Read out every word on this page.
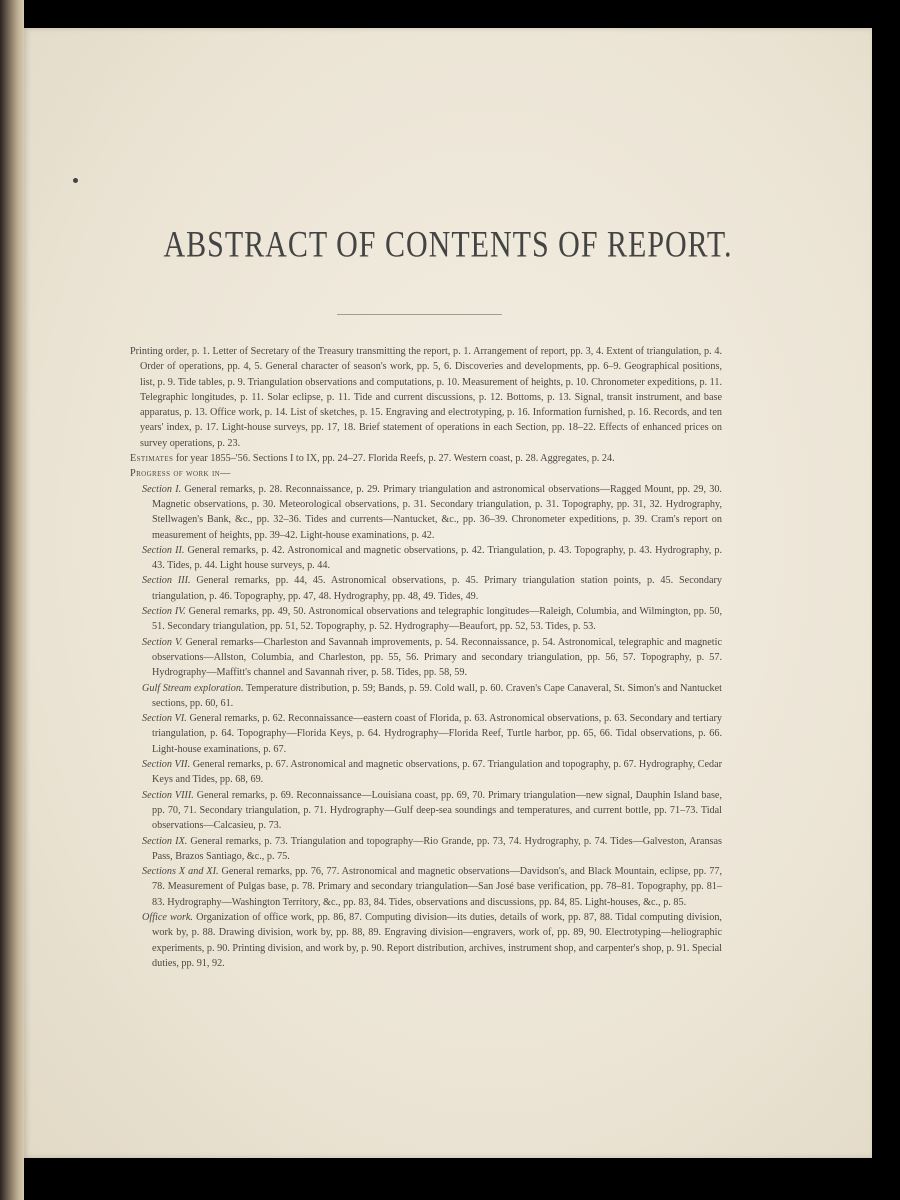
ABSTRACT OF CONTENTS OF REPORT.

Printing order, p. 1. Letter of Secretary of the Treasury transmitting the report, p. 1. Arrangement of report, pp. 3, 4. Extent of triangulation, p. 4. Order of operations, pp. 4, 5. General character of season's work, pp. 5, 6. Discoveries and developments, pp. 6–9. Geographical positions, list, p. 9. Tide tables, p. 9. Triangulation observations and computations, p. 10. Measurement of heights, p. 10. Chronometer expeditions, p. 11. Telegraphic longitudes, p. 11. Solar eclipse, p. 11. Tide and current discussions, p. 12. Bottoms, p. 13. Signal, transit instrument, and base apparatus, p. 13. Office work, p. 14. List of sketches, p. 15. Engraving and electrotyping, p. 16. Information furnished, p. 16. Records, and ten years' index, p. 17. Light-house surveys, pp. 17, 18. Brief statement of operations in each Section, pp. 18–22. Effects of enhanced prices on survey operations, p. 23.

Estimates for year 1855–'56. Sections I to IX, pp. 24–27. Florida Reefs, p. 27. Western coast, p. 28. Aggregates, p. 24.

Progress of work in—

Section I. General remarks, p. 28. Reconnaissance, p. 29. Primary triangulation and astronomical observations—Ragged Mount, pp. 29, 30. Magnetic observations, p. 30. Meteorological observations, p. 31. Secondary triangulation, p. 31. Topography, pp. 31, 32. Hydrography, Stellwagen's Bank, &c., pp. 32–36. Tides and currents—Nantucket, &c., pp. 36–39. Chronometer expeditions, p. 39. Cram's report on measurement of heights, pp. 39–42. Light-house examinations, p. 42.

Section II. General remarks, p. 42. Astronomical and magnetic observations, p. 42. Triangulation, p. 43. Topography, p. 43. Hydrography, p. 43. Tides, p. 44. Light house surveys, p. 44.

Section III. General remarks, pp. 44, 45. Astronomical observations, p. 45. Primary triangulation station points, p. 45. Secondary triangulation, p. 46. Topography, pp. 47, 48. Hydrography, pp. 48, 49. Tides, 49.

Section IV. General remarks, pp. 49, 50. Astronomical observations and telegraphic longitudes—Raleigh, Columbia, and Wilmington, pp. 50, 51. Secondary triangulation, pp. 51, 52. Topography, p. 52. Hydrography—Beaufort, pp. 52, 53. Tides, p. 53.

Section V. General remarks—Charleston and Savannah improvements, p. 54. Reconnaissance, p. 54. Astronomical, telegraphic and magnetic observations—Allston, Columbia, and Charleston, pp. 55, 56. Primary and secondary triangulation, pp. 56, 57. Topography, p. 57. Hydrography—Maffitt's channel and Savannah river, p. 58. Tides, pp. 58, 59.

Gulf Stream exploration. Temperature distribution, p. 59; Bands, p. 59. Cold wall, p. 60. Craven's Cape Canaveral, St. Simon's and Nantucket sections, pp. 60, 61.

Section VI. General remarks, p. 62. Reconnaissance—eastern coast of Florida, p. 63. Astronomical observations, p. 63. Secondary and tertiary triangulation, p. 64. Topography—Florida Keys, p. 64. Hydrography—Florida Reef, Turtle harbor, pp. 65, 66. Tidal observations, p. 66. Light-house examinations, p. 67.

Section VII. General remarks, p. 67. Astronomical and magnetic observations, p. 67. Triangulation and topography, p. 67. Hydrography, Cedar Keys and Tides, pp. 68, 69.

Section VIII. General remarks, p. 69. Reconnaissance—Louisiana coast, pp. 69, 70. Primary triangulation—new signal, Dauphin Island base, pp. 70, 71. Secondary triangulation, p. 71. Hydrography—Gulf deep-sea soundings and temperatures, and current bottle, pp. 71–73. Tidal observations—Calcasieu, p. 73.

Section IX. General remarks, p. 73. Triangulation and topography—Rio Grande, pp. 73, 74. Hydrography, p. 74. Tides—Galveston, Aransas Pass, Brazos Santiago, &c., p. 75.

Sections X and XI. General remarks, pp. 76, 77. Astronomical and magnetic observations—Davidson's, and Black Mountain, eclipse, pp. 77, 78. Measurement of Pulgas base, p. 78. Primary and secondary triangulation—San José base verification, pp. 78–81. Topography, pp. 81–83. Hydrography—Washington Territory, &c., pp. 83, 84. Tides, observations and discussions, pp. 84, 85. Light-houses, &c., p. 85.

Office work. Organization of office work, pp. 86, 87. Computing division—its duties, details of work, pp. 87, 88. Tidal computing division, work by, p. 88. Drawing division, work by, pp. 88, 89. Engraving division—engravers, work of, pp. 89, 90. Electrotyping—heliographic experiments, p. 90. Printing division, and work by, p. 90. Report distribution, archives, instrument shop, and carpenter's shop, p. 91. Special duties, pp. 91, 92.
